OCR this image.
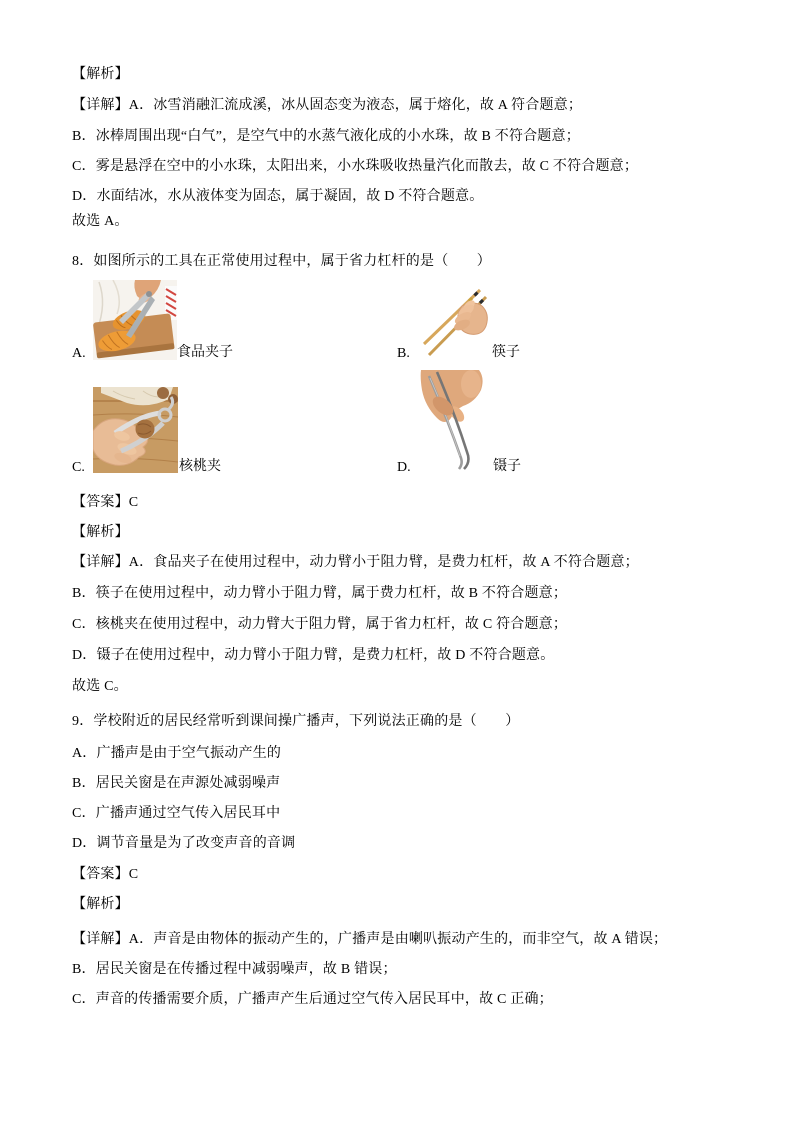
【解析】
【详解】A．冰雪消融汇流成溪，冰从固态变为液态，属于熔化，故 A 符合题意；
B．冰棒周围出现“白气”，是空气中的水蒸气液化成的小水珠，故 B 不符合题意；
C．雾是悬浮在空中的小水珠，太阳出来，小水珠吸收热量汽化而散去，故 C 不符合题意；
D．水面结冰，水从液体变为固态，属于凝固，故 D 不符合题意。
故选 A。
8．如图所示的工具在正常使用过程中，属于省力杠杆的是（　　）
A.	食品夹子	B.	筷子
C.	核桃夹	D.	镊子
【答案】C
【解析】
【详解】A．食品夹子在使用过程中，动力臂小于阻力臂，是费力杠杆，故 A 不符合题意；
B．筷子在使用过程中，动力臂小于阻力臂，属于费力杠杆，故 B 不符合题意；
C．核桃夹在使用过程中，动力臂大于阻力臂，属于省力杠杆，故 C 符合题意；
D．镊子在使用过程中，动力臂小于阻力臂，是费力杠杆，故 D 不符合题意。
故选 C。
9．学校附近的居民经常听到课间操广播声，下列说法正确的是（　　）
A．广播声是由于空气振动产生的
B．居民关窗是在声源处减弱噪声
C．广播声通过空气传入居民耳中
D．调节音量是为了改变声音的音调
【答案】C
【解析】
【详解】A．声音是由物体的振动产生的，广播声是由喇叭振动产生的，而非空气，故 A 错误；
B．居民关窗是在传播过程中减弱噪声，故 B 错误；
C．声音的传播需要介质，广播声产生后通过空气传入居民耳中，故 C 正确；
